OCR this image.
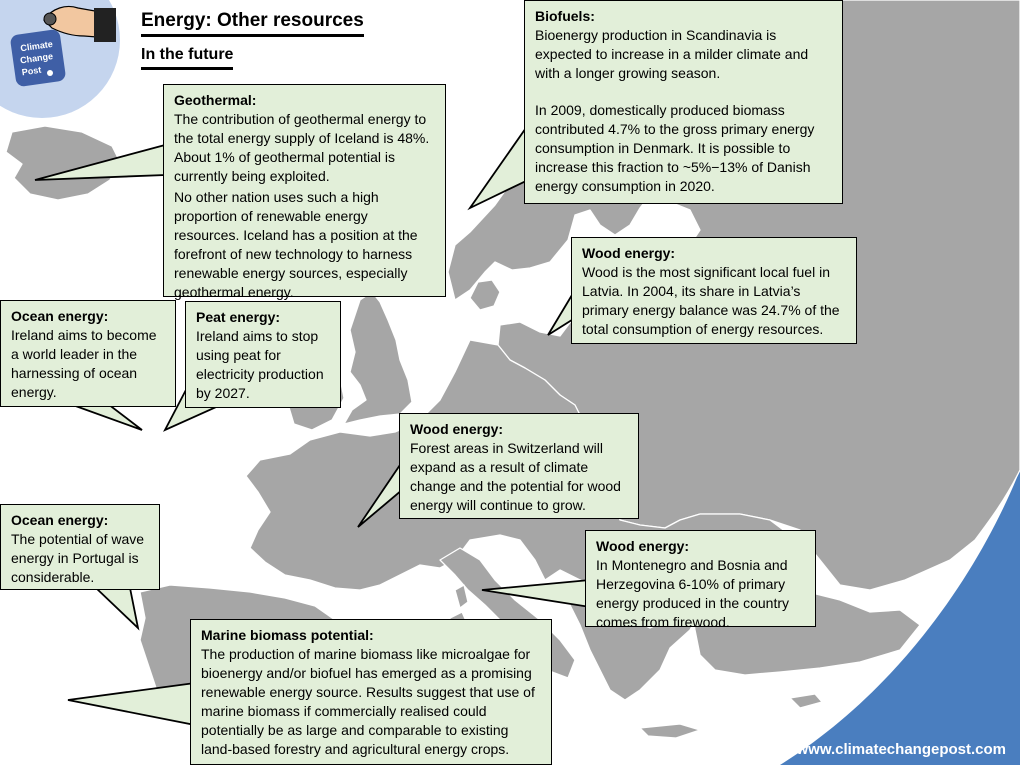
Climate
Change
Post
Energy: Other resources
In the future
Geothermal:

The contribution of geothermal energy to the total energy supply of Iceland is 48%. About 1% of geothermal potential is currently being exploited.

No other nation uses such a high proportion of renewable energy resources. Iceland has a position at the forefront of new technology to harness renewable energy sources, especially geothermal energy.

Biofuels:

Bioenergy production in Scandinavia is expected to increase in a milder climate and with a longer growing season.

In 2009, domestically produced biomass contributed 4.7% to the gross primary energy consumption in Denmark. It is possible to increase this fraction to ~5%−13% of Danish energy consumption in 2020.

Wood energy:

Wood is the most significant local fuel in Latvia. In 2004, its share in Latvia’s primary energy balance was 24.7% of the total consumption of energy resources.

Ocean energy:

Ireland aims to become a world leader in the harnessing of ocean energy.

Peat energy:

Ireland aims to stop using peat for electricity production by 2027.

Wood energy:

Forest areas in Switzerland will expand as a result of climate change and the potential for wood energy will continue to grow.

Ocean energy:

The potential of wave energy in Portugal is considerable.

Wood energy:

In Montenegro and Bosnia and Herzegovina 6-10% of primary energy produced in the country comes from firewood.

Marine biomass potential:

The production of marine biomass like microalgae for bioenergy and/or biofuel has emerged as a promising renewable energy source. Results suggest that use of marine biomass if commercially realised could potentially be as large and comparable to existing land-based forestry and agricultural energy crops.	www.climatechangepost.com
